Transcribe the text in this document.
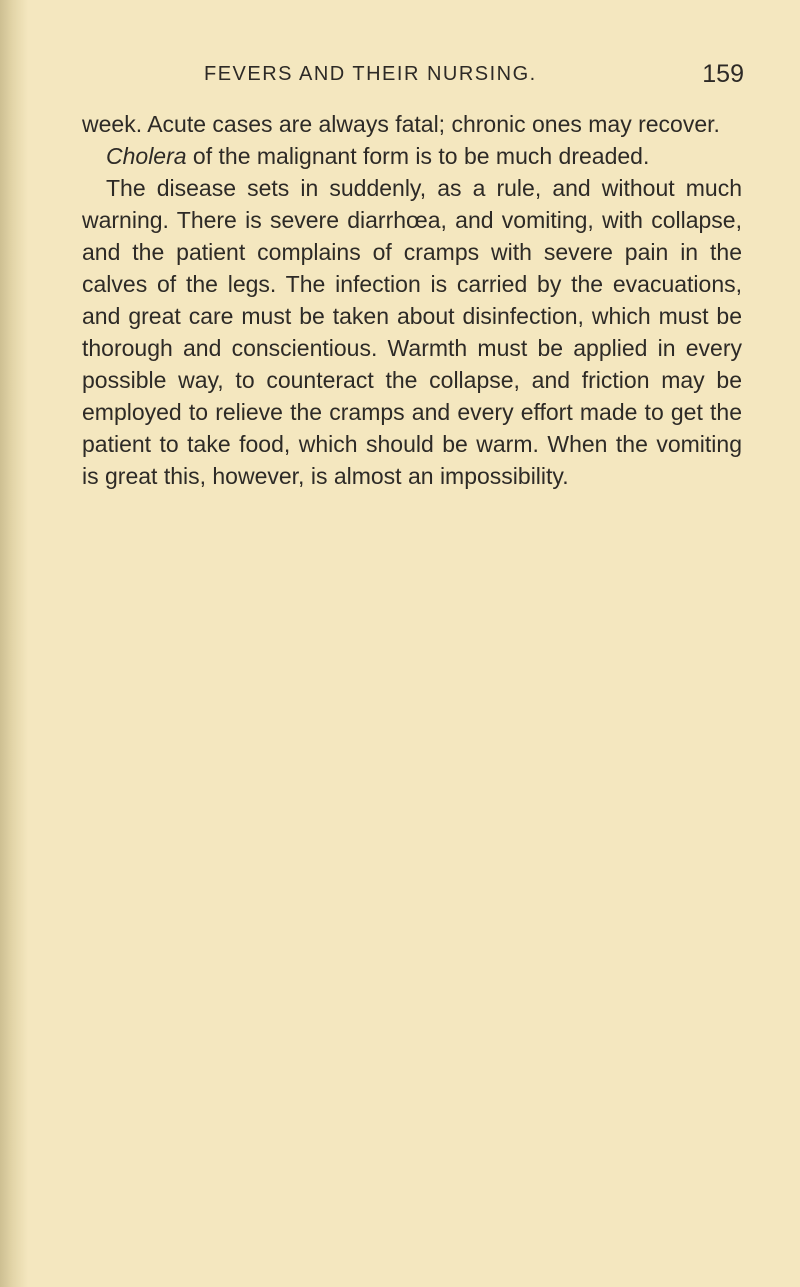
FEVERS AND THEIR NURSING.	159

week. Acute cases are always fatal; chronic ones may recover.

Cholera of the malignant form is to be much dreaded.

The disease sets in suddenly, as a rule, and without much warning. There is severe diarrhœa, and vomiting, with collapse, and the patient complains of cramps with severe pain in the calves of the legs. The infection is carried by the evacuations, and great care must be taken about disinfection, which must be thorough and conscientious. Warmth must be applied in every possible way, to counteract the collapse, and friction may be employed to relieve the cramps and every effort made to get the patient to take food, which should be warm. When the vomiting is great this, however, is almost an impossibility.
